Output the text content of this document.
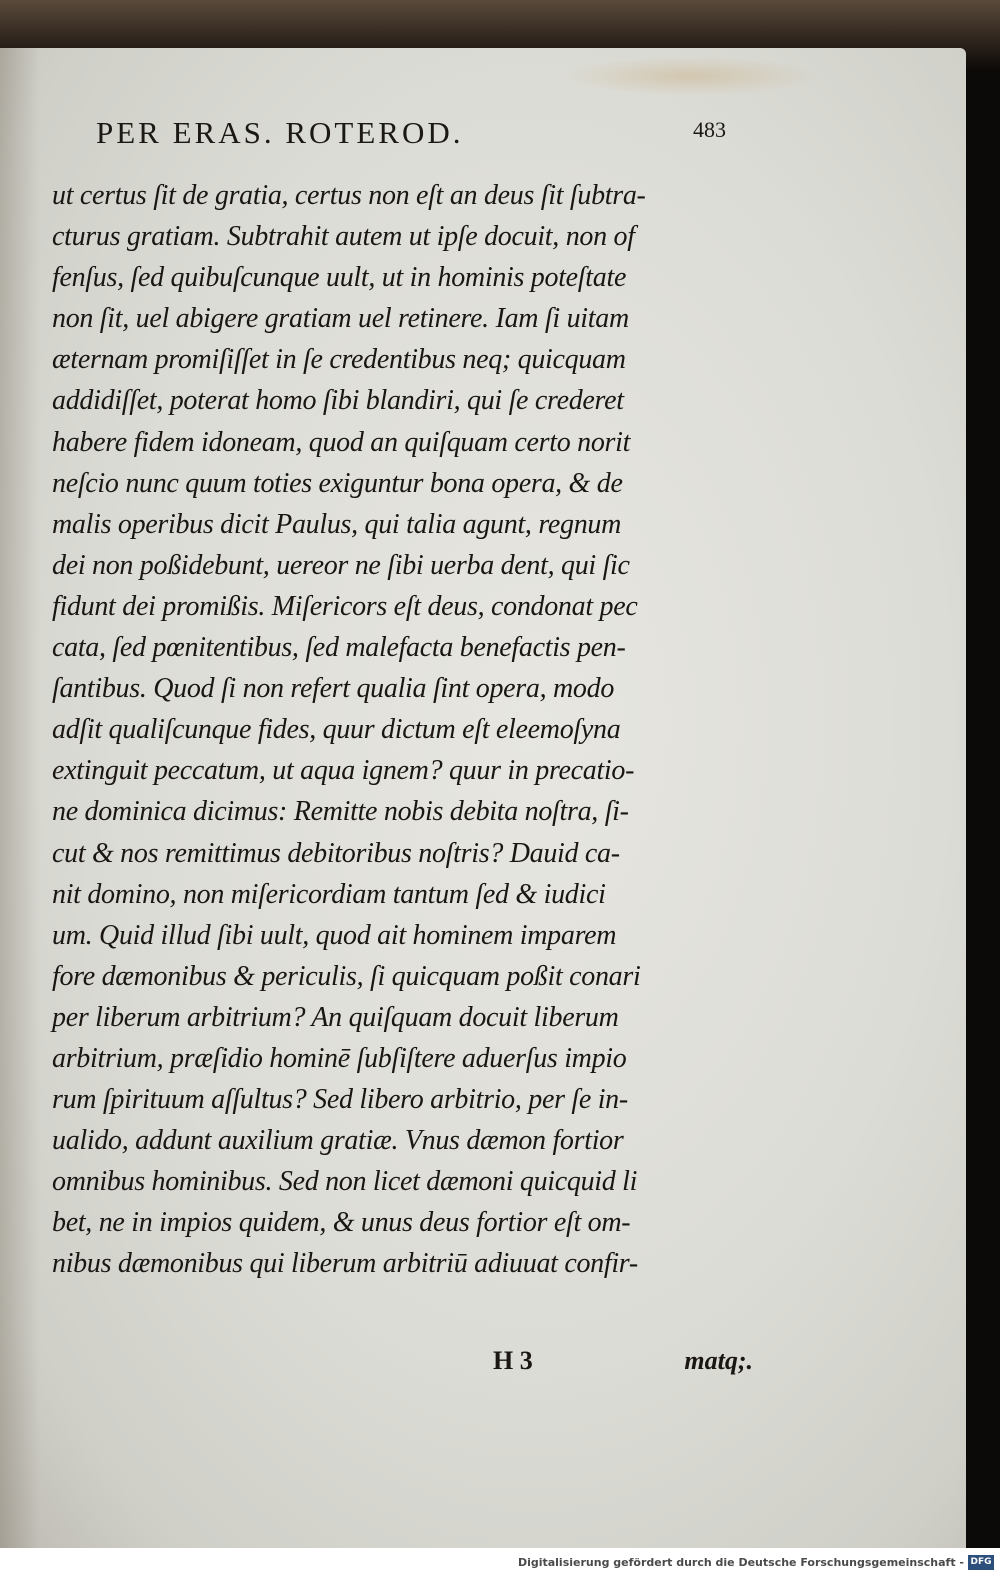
PER ERAS. ROTEROD.	483
ut certus ſit de gratia, certus non eſt an deus ſit ſubtra-
cturus gratiam. Subtrahit autem ut ipſe docuit, non of
fenſus, ſed quibuſcunque uult, ut in hominis poteſtate
non ſit, uel abigere gratiam uel retinere. Iam ſi uitam
æternam promiſiſſet in ſe credentibus neq; quicquam
addidiſſet, poterat homo ſibi blandiri, qui ſe crederet
habere fidem idoneam, quod an quiſquam certo norit
neſcio nunc quum toties exiguntur bona opera, & de
malis operibus dicit Paulus, qui talia agunt, regnum
dei non poßidebunt, uereor ne ſibi uerba dent, qui ſic
fidunt dei promißis. Miſericors eſt deus, condonat pec
cata, ſed pœnitentibus, ſed malefacta benefactis pen-
ſantibus. Quod ſi non refert qualia ſint opera, modo
adſit qualiſcunque fides, quur dictum eſt eleemoſyna
extinguit peccatum, ut aqua ignem? quur in precatio-
ne dominica dicimus: Remitte nobis debita noſtra, ſi-
cut & nos remittimus debitoribus noſtris? Dauid ca-
nit domino, non miſericordiam tantum ſed & iudici
um. Quid illud ſibi uult, quod ait hominem imparem
fore dæmonibus & periculis, ſi quicquam poßit conari
per liberum arbitrium? An quiſquam docuit liberum
arbitrium, præſidio hominē ſubſiſtere aduerſus impio
rum ſpirituum aſſultus? Sed libero arbitrio, per ſe in-
ualido, addunt auxilium gratiæ. Vnus dæmon fortior
omnibus hominibus. Sed non licet dæmoni quicquid li
bet, ne in impios quidem, & unus deus fortior eſt om-
nibus dæmonibus qui liberum arbitriū adiuuat confir-
H 3	matq;.
Digitalisierung gefördert durch die Deutsche Forschungsgemeinschaft - DFG
